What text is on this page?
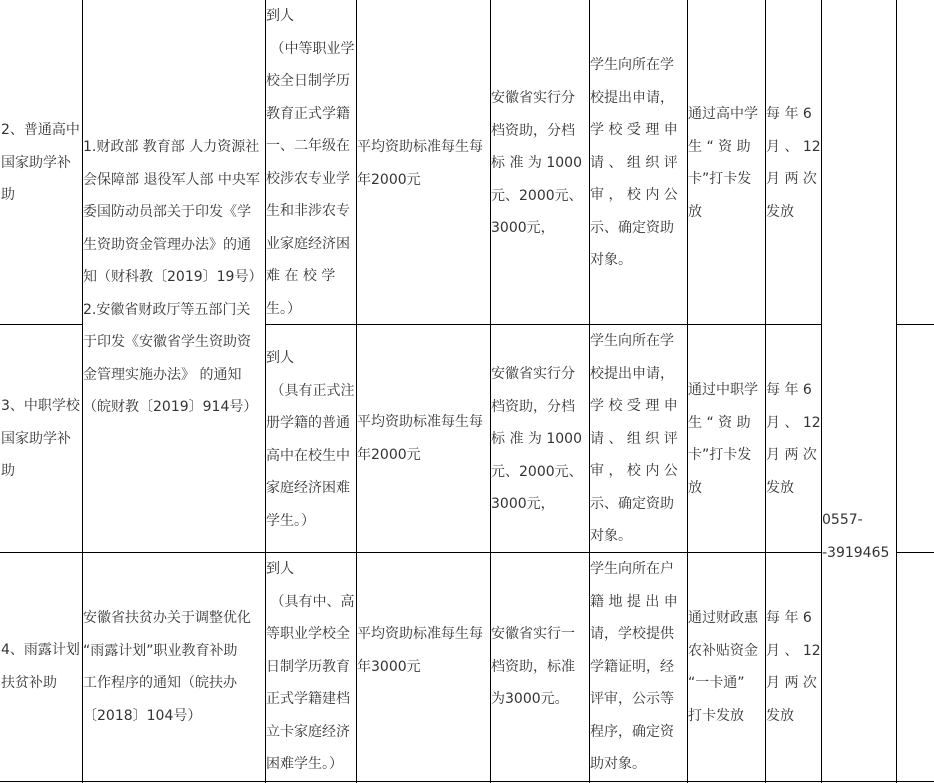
2、普通高中
国家助学补
助
到人
（中等职业学
校全日制学历
教育正式学籍
一、二年级在
校涉农专业学
生和非涉农专
业家庭经济困
难 在 校 学
生。）
平均资助标准每生每
年2000元
安徽省实行分
档资助，分档
标 准 为 1000
元、2000元、
3000元，
学生向所在学
校提出申请，
学 校 受 理 申
请 、 组 织 评
审 ， 校 内 公
示、确定资助
对象。
通过高中学
生 “ 资 助
卡”打卡发
放
每 年 6
月 、 12
月 两 次
发放
1.财政部 教育部 人力资源社
会保障部 退役军人部 中央军
委国防动员部关于印发《学
生资助资金管理办法》的通
知（财科教〔2019〕19号）
2.安徽省财政厅等五部门关
于印发《安徽省学生资助资
金管理实施办法》 的通知
（皖财教〔2019〕914号）
3、中职学校
国家助学补
助
到人
（具有正式注
册学籍的普通
高中在校生中
家庭经济困难
学生。）
平均资助标准每生每
年2000元
安徽省实行分
档资助，分档
标 准 为 1000
元、2000元、
3000元，
学生向所在学
校提出申请，
学 校 受 理 申
请 、 组 织 评
审 ， 校 内 公
示、确定资助
对象。
通过中职学
生 “ 资 助
卡”打卡发
放
每 年 6
月 、 12
月 两 次
发放
0557-
-3919465
4、雨露计划
扶贫补助
安徽省扶贫办关于调整优化
“雨露计划”职业教育补助
工作程序的通知（皖扶办
〔2018〕104号）
到人
（具有中、高
等职业学校全
日制学历教育
正式学籍建档
立卡家庭经济
困难学生。）
平均资助标准每生每
年3000元
安徽省实行一
档资助，标准
为3000元。
学生向所在户
籍 地 提 出 申
请，学校提供
学籍证明，经
评审，公示等
程序，确定资
助对象。
通过财政惠
农补贴资金
“一卡通”
打卡发放
每 年 6
月 、 12
月 两 次
发放
